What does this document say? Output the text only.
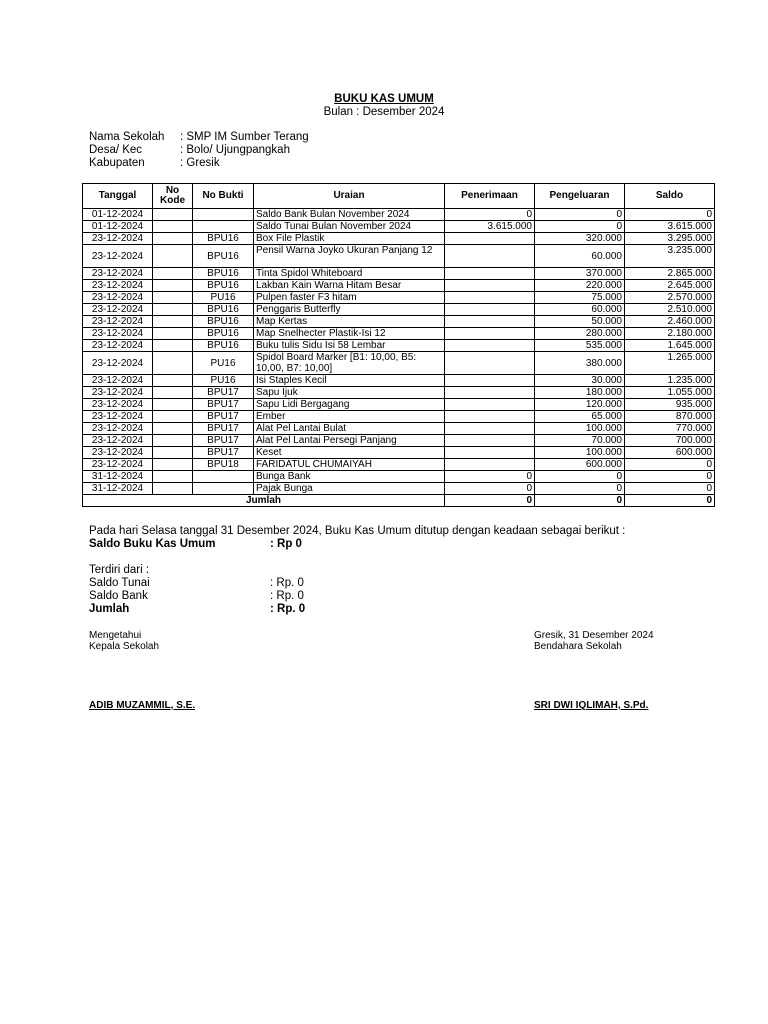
BUKU KAS UMUM
Bulan : Desember 2024
Nama Sekolah	: SMP IM Sumber Terang
Desa/ Kec	: Bolo/ Ujungpangkah
Kabupaten	: Gresik
Tanggal	No Kode	No Bukti	Uraian	Penerimaan	Pengeluaran	Saldo
01-12-2024			Saldo Bank Bulan November 2024	0	0	0
01-12-2024			Saldo Tunai Bulan November 2024	3.615.000	0	3.615.000
23-12-2024		BPU16	Box File Plastik		320.000	3.295.000
23-12-2024		BPU16	Pensil Warna Joyko Ukuran Panjang 12		60.000	3.235.000
23-12-2024		BPU16	Tinta Spidol Whiteboard		370.000	2.865.000
23-12-2024		BPU16	Lakban Kain Warna Hitam Besar		220.000	2.645.000
23-12-2024		PU16	Pulpen faster F3 hitam		75.000	2.570.000
23-12-2024		BPU16	Penggaris Butterfly		60.000	2.510.000
23-12-2024		BPU16	Map Kertas		50.000	2.460.000
23-12-2024		BPU16	Map Snelhecter Plastik-Isi 12		280.000	2.180.000
23-12-2024		BPU16	Buku tulis Sidu Isi 58 Lembar		535.000	1.645.000
23-12-2024		PU16	Spidol Board Marker [B1: 10,00, B5: 10,00, B7: 10,00]		380.000	1.265.000
23-12-2024		PU16	Isi Staples Kecil		30.000	1.235.000
23-12-2024		BPU17	Sapu Ijuk		180.000	1.055.000
23-12-2024		BPU17	Sapu Lidi Bergagang		120.000	935.000
23-12-2024		BPU17	Ember		65.000	870.000
23-12-2024		BPU17	Alat Pel Lantai Bulat		100.000	770.000
23-12-2024		BPU17	Alat Pel Lantai Persegi Panjang		70.000	700.000
23-12-2024		BPU17	Keset		100.000	600.000
23-12-2024		BPU18	FARIDATUL CHUMAIYAH		600.000	0
31-12-2024			Bunga Bank	0	0	0
31-12-2024			Pajak Bunga	0	0	0
Jumlah				0	0	0
Pada hari Selasa tanggal 31 Desember 2024, Buku Kas Umum ditutup dengan keadaan sebagai berikut :
Saldo Buku Kas Umum	: Rp 0
Terdiri dari :
Saldo Tunai	: Rp. 0
Saldo Bank	: Rp. 0
Jumlah	: Rp. 0
Mengetahui
Kepala Sekolah
Gresik, 31 Desember 2024
Bendahara Sekolah
ADIB MUZAMMIL, S.E.	SRI DWI IQLIMAH, S.Pd.
